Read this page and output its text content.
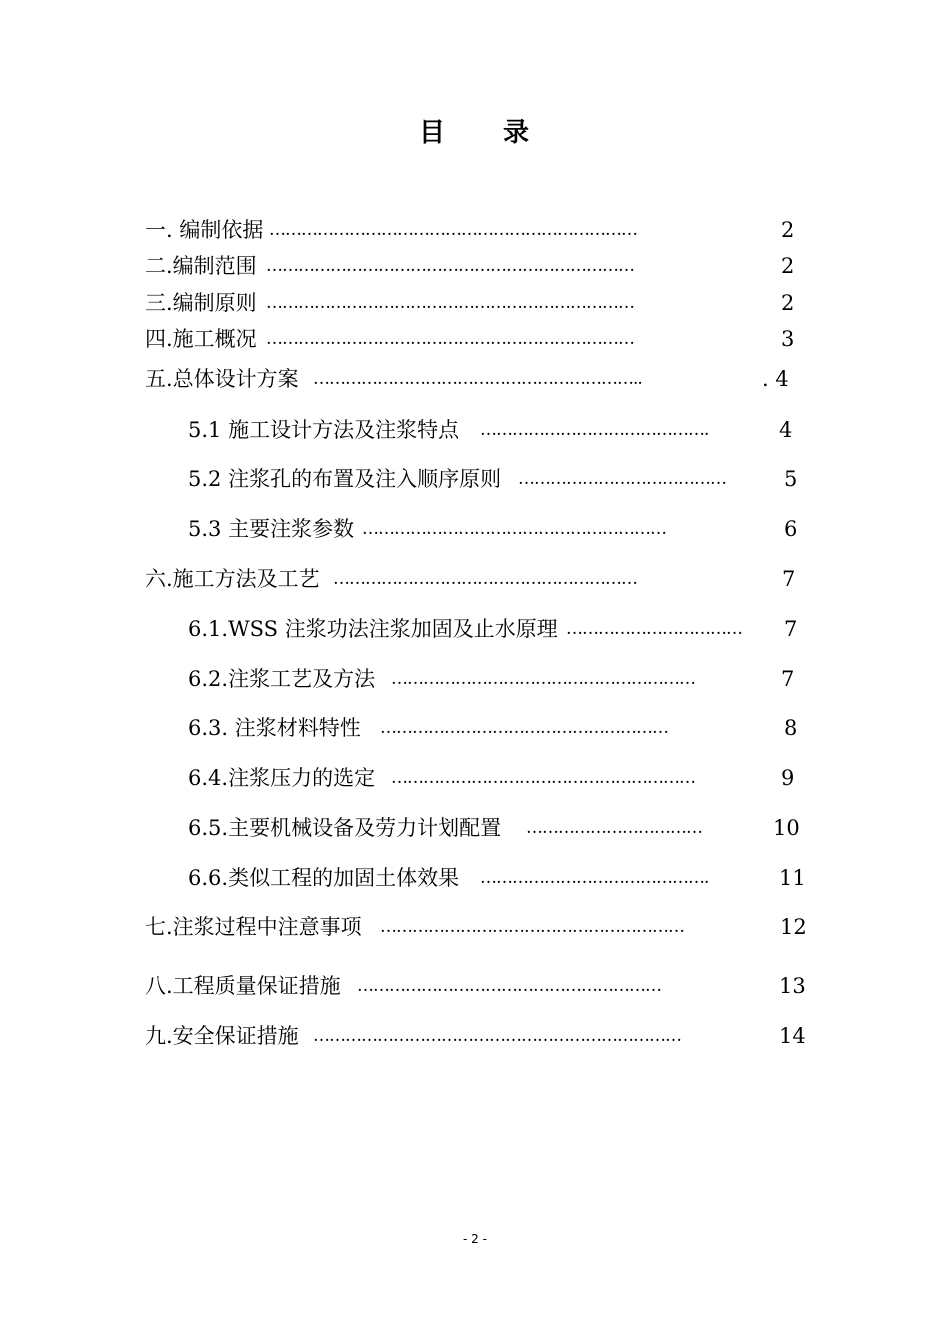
目　　录
一. 编制依据 ……………………………………………………………	2
二.编制范围 ……………………………………………………………	2
三.编制原则 ……………………………………………………………	2
四.施工概况 ……………………………………………………………	3
五.总体设计方案 ……………………………………………………..	. 4
5.1 施工设计方法及注浆特点 …………………………………….	4
5.2 注浆孔的布置及注入顺序原则 …………………………………	5
5.3 主要注浆参数 …………………………………………………	6
六.施工方法及工艺 …………………………………………………	7
6.1.WSS 注浆功法注浆加固及止水原理 ……………………………	7
6.2.注浆工艺及方法 …………………………………………………	7
6.3. 注浆材料特性 ………………………………………………	8
6.4.注浆压力的选定 …………………………………………………	9
6.5.主要机械设备及劳力计划配置 ……………………………	10
6.6.类似工程的加固土体效果 …………………………………….	11
七.注浆过程中注意事项 …………………………………………………	12
八.工程质量保证措施 …………………………………………………	13
九.安全保证措施 ……………………………………………………………	14
- 2 -
